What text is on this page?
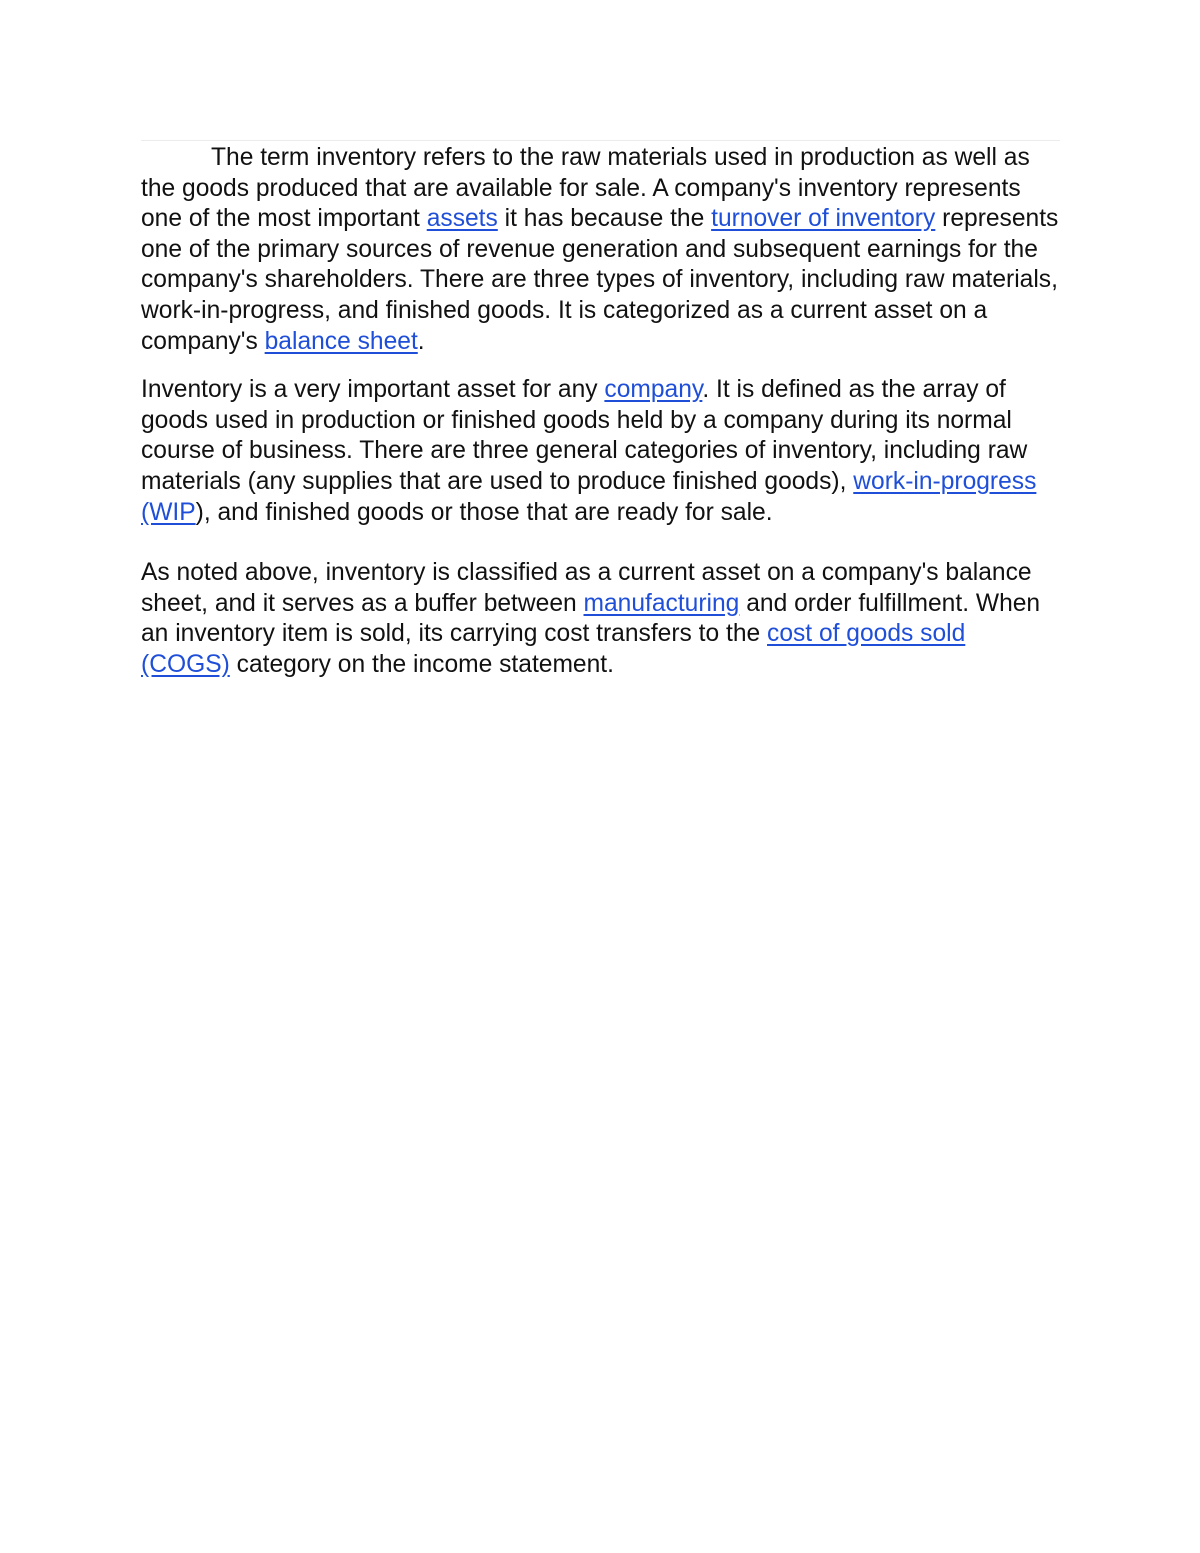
The term inventory refers to the raw materials used in production as well as the goods produced that are available for sale. A company's inventory represents one of the most important assets it has because the turnover of inventory represents one of the primary sources of revenue generation and subsequent earnings for the company's shareholders. There are three types of inventory, including raw materials, work-in-progress, and finished goods. It is categorized as a current asset on a company's balance sheet.

Inventory is a very important asset for any company. It is defined as the array of goods used in production or finished goods held by a company during its normal course of business. There are three general categories of inventory, including raw materials (any supplies that are used to produce finished goods), work-in-progress (WIP), and finished goods or those that are ready for sale.

As noted above, inventory is classified as a current asset on a company's balance sheet, and it serves as a buffer between manufacturing and order fulfillment. When an inventory item is sold, its carrying cost transfers to the cost of goods sold (COGS) category on the income statement.
